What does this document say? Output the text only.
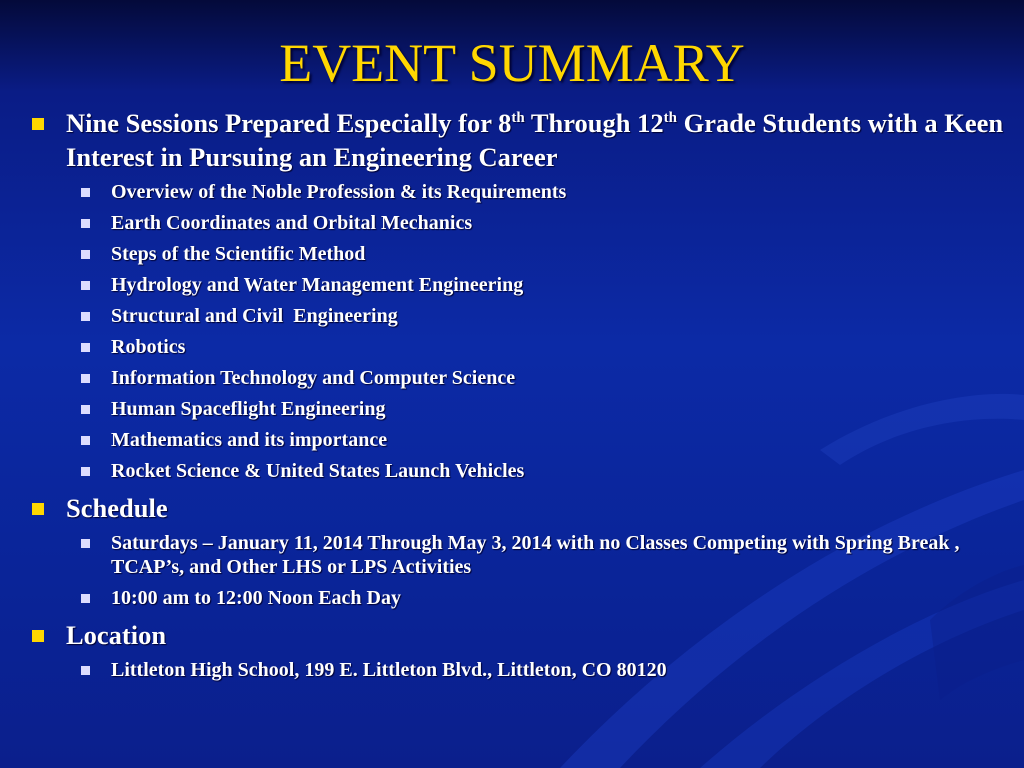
EVENT SUMMARY
Nine Sessions Prepared Especially for 8th Through 12th Grade Students with a Keen Interest in Pursuing an Engineering Career
Overview of the Noble Profession & its Requirements
Earth Coordinates and Orbital Mechanics
Steps of the Scientific Method
Hydrology and Water Management Engineering
Structural and Civil  Engineering
Robotics
Information Technology and Computer Science
Human Spaceflight Engineering
Mathematics and its importance
Rocket Science & United States Launch Vehicles
Schedule
Saturdays – January 11, 2014 Through May 3, 2014 with no Classes Competing with Spring Break , TCAP’s, and Other LHS or LPS Activities
10:00 am to 12:00 Noon Each Day
Location
Littleton High School, 199 E. Littleton Blvd., Littleton, CO 80120
